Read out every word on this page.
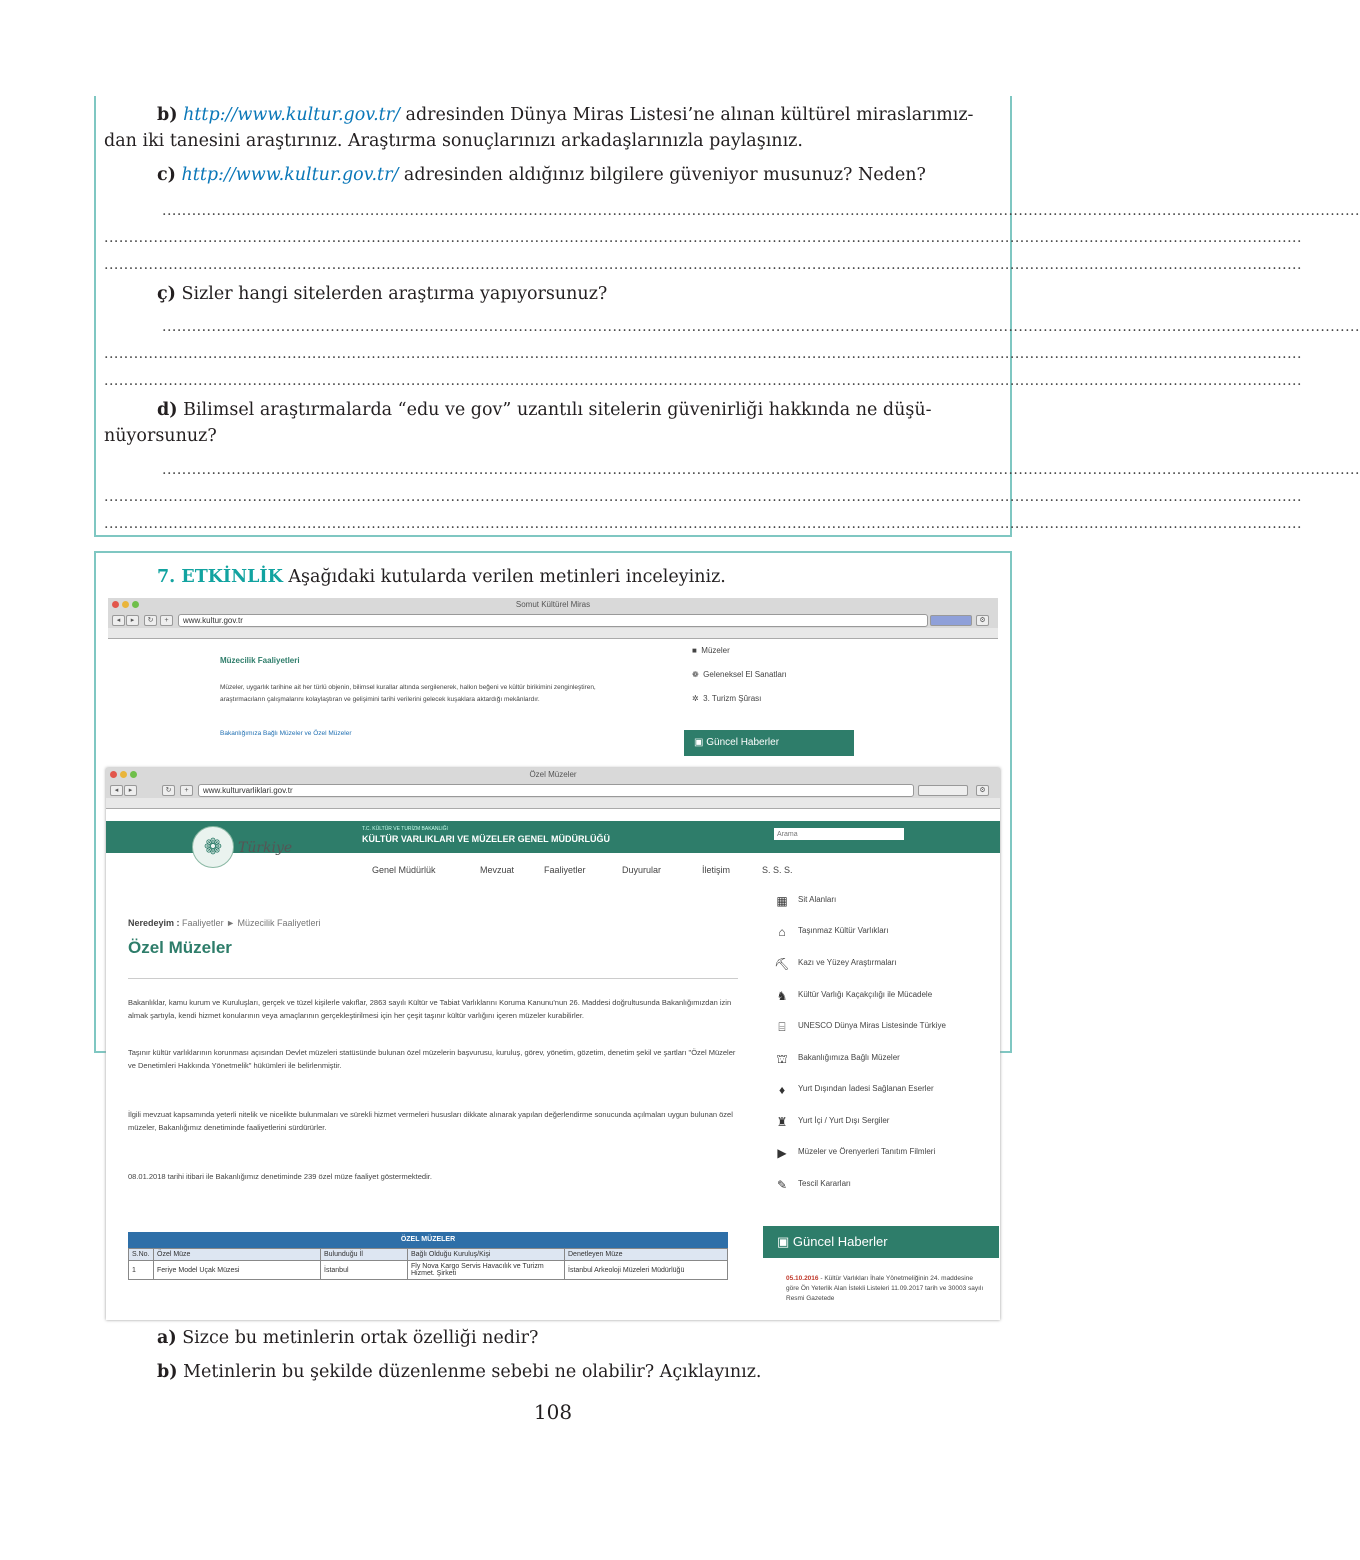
b) http://www.kultur.gov.tr/ adresinden Dünya Miras Listesi’ne alınan kültürel miraslarımız-
dan iki tanesini araştırınız. Araştırma sonuçlarınızı arkadaşlarınızla paylaşınız.
c) http://www.kultur.gov.tr/ adresinden aldığınız bilgilere güveniyor musunuz? Neden?
..................................................................................................................................................................................................................................................
..................................................................................................................................................................................................................................................
..................................................................................................................................................................................................................................................
ç) Sizler hangi sitelerden araştırma yapıyorsunuz?
..................................................................................................................................................................................................................................................
..................................................................................................................................................................................................................................................
..................................................................................................................................................................................................................................................
d) Bilimsel araştırmalarda “edu ve gov” uzantılı sitelerin güvenirliği hakkında ne düşü-
nüyorsunuz?
..................................................................................................................................................................................................................................................
..................................................................................................................................................................................................................................................
..................................................................................................................................................................................................................................................
7. ETKİNLİK Aşağıdaki kutularda verilen metinleri inceleyiniz.
Somut Kültürel Miras
◂	▸	↻	+	www.kultur.gov.tr	⚙
Müzecilik Faaliyetleri
Müzeler, uygarlık tarihine ait her türlü objenin, bilimsel kurallar altında sergilenerek, halkın beğeni ve kültür birikimini zenginleştiren, araştırmacıların çalışmalarını kolaylaştıran ve gelişimini tarihi verilerini gelecek kuşaklara aktardığı mekânlardır.
Bakanlığımıza Bağlı Müzeler ve Özel Müzeler
■ Müzeler
❁ Geleneksel El Sanatları
✲ 3. Turizm Şûrası
▣ Güncel Haberler
Özel Müzeler
◂	▸	↻	+	www.kulturvarliklari.gov.tr	⚙
T.C. KÜLTÜR VE TURİZM BAKANLIĞI
KÜLTÜR VARLIKLARI VE MÜZELER GENEL MÜDÜRLÜĞÜ
Arama
❁	Türkiye
Genel Müdürlük	Mevzuat	Faaliyetler	Duyurular	İletişim	S. S. S.
Neredeyim : Faaliyetler ► Müzecilik Faaliyetleri
Özel Müzeler
Bakanlıklar, kamu kurum ve Kuruluşları, gerçek ve tüzel kişilerle vakıflar, 2863 sayılı Kültür ve Tabiat Varlıklarını Koruma Kanunu'nun 26. Maddesi doğrultusunda Bakanlığımızdan izin almak şartıyla, kendi hizmet konularının veya amaçlarının gerçekleştirilmesi için her çeşit taşınır kültür varlığını içeren müzeler kurabilirler.
Taşınır kültür varlıklarının korunması açısından Devlet müzeleri statüsünde bulunan özel müzelerin başvurusu, kuruluş, görev, yönetim, gözetim, denetim şekil ve şartları "Özel Müzeler ve Denetimleri Hakkında Yönetmelik" hükümleri ile belirlenmiştir.
İlgili mevzuat kapsamında yeterli nitelik ve nicelikte bulunmaları ve sürekli hizmet vermeleri hususları dikkate alınarak yapılan değerlendirme sonucunda açılmaları uygun bulunan özel müzeler, Bakanlığımız denetiminde faaliyetlerini sürdürürler.
08.01.2018 tarihi itibari ile Bakanlığımız denetiminde 239 özel müze faaliyet göstermektedir.
ÖZEL MÜZELER
S.No.	Özel Müze	Bulunduğu İl	Bağlı Olduğu Kuruluş/Kişi	Denetleyen Müze
1	Feriye Model Uçak Müzesi	İstanbul	Fly Nova Kargo Servis Havacılık ve Turizm Hizmet. Şirketi	İstanbul Arkeoloji Müzeleri Müdürlüğü
▦ Sit Alanları
⌂ Taşınmaz Kültür Varlıkları
⛏ Kazı ve Yüzey Araştırmaları
♞ Kültür Varlığı Kaçakçılığı ile Mücadele
⌸ UNESCO Dünya Miras Listesinde Türkiye
⛫ Bakanlığımıza Bağlı Müzeler
♦ Yurt Dışından İadesi Sağlanan Eserler
♜ Yurt İçi / Yurt Dışı Sergiler
▶ Müzeler ve Örenyerleri Tanıtım Filmleri
✎ Tescil Kararları
▣ Güncel Haberler
05.10.2016 - Kültür Varlıkları İhale Yönetmeliğinin 24. maddesine göre Ön Yeterlik Alan İstekli Listeleri 11.09.2017 tarih ve 30003 sayılı Resmi Gazetede
a) Sizce bu metinlerin ortak özelliği nedir?
b) Metinlerin bu şekilde düzenlenme sebebi ne olabilir? Açıklayınız.
108
